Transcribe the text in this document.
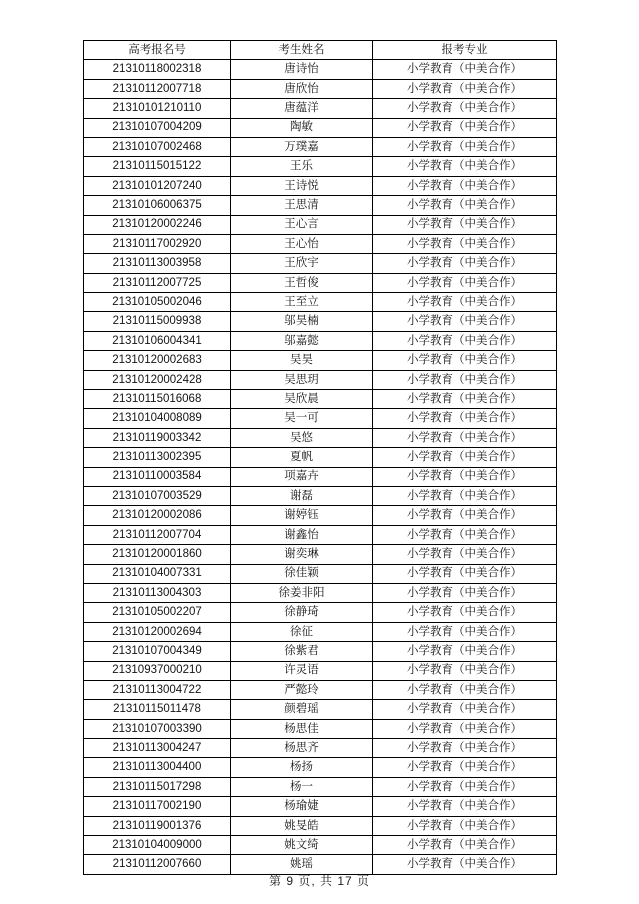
高考报名号	考生姓名	报考专业
21310118002318	唐诗怡	小学教育（中美合作）
21310112007718	唐欣怡	小学教育（中美合作）
21310101210110	唐蕴洋	小学教育（中美合作）
21310107004209	陶敏	小学教育（中美合作）
21310107002468	万璞嘉	小学教育（中美合作）
21310115015122	王乐	小学教育（中美合作）
21310101207240	王诗悦	小学教育（中美合作）
21310106006375	王思清	小学教育（中美合作）
21310120002246	王心言	小学教育（中美合作）
21310117002920	王心怡	小学教育（中美合作）
21310113003958	王欣宇	小学教育（中美合作）
21310112007725	王哲俊	小学教育（中美合作）
21310105002046	王至立	小学教育（中美合作）
21310115009938	邬昊楠	小学教育（中美合作）
21310106004341	邬嘉懿	小学教育（中美合作）
21310120002683	吴昊	小学教育（中美合作）
21310120002428	吴思玥	小学教育（中美合作）
21310115016068	吴欣晨	小学教育（中美合作）
21310104008089	吴一可	小学教育（中美合作）
21310119003342	吴悠	小学教育（中美合作）
21310113002395	夏帆	小学教育（中美合作）
21310110003584	项嘉卉	小学教育（中美合作）
21310107003529	谢磊	小学教育（中美合作）
21310120002086	谢婷钰	小学教育（中美合作）
21310112007704	谢鑫怡	小学教育（中美合作）
21310120001860	谢奕琳	小学教育（中美合作）
21310104007331	徐佳颖	小学教育（中美合作）
21310113004303	徐姜非阳	小学教育（中美合作）
21310105002207	徐静琦	小学教育（中美合作）
21310120002694	徐征	小学教育（中美合作）
21310107004349	徐紫君	小学教育（中美合作）
21310937000210	许灵语	小学教育（中美合作）
21310113004722	严懿玲	小学教育（中美合作）
21310115011478	颜碧瑶	小学教育（中美合作）
21310107003390	杨思佳	小学教育（中美合作）
21310113004247	杨思齐	小学教育（中美合作）
21310113004400	杨扬	小学教育（中美合作）
21310115017298	杨一	小学教育（中美合作）
21310117002190	杨瑜婕	小学教育（中美合作）
21310119001376	姚旻皓	小学教育（中美合作）
21310104009000	姚文绮	小学教育（中美合作）
21310112007660	姚瑶	小学教育（中美合作）
第 9 页, 共 17 页
